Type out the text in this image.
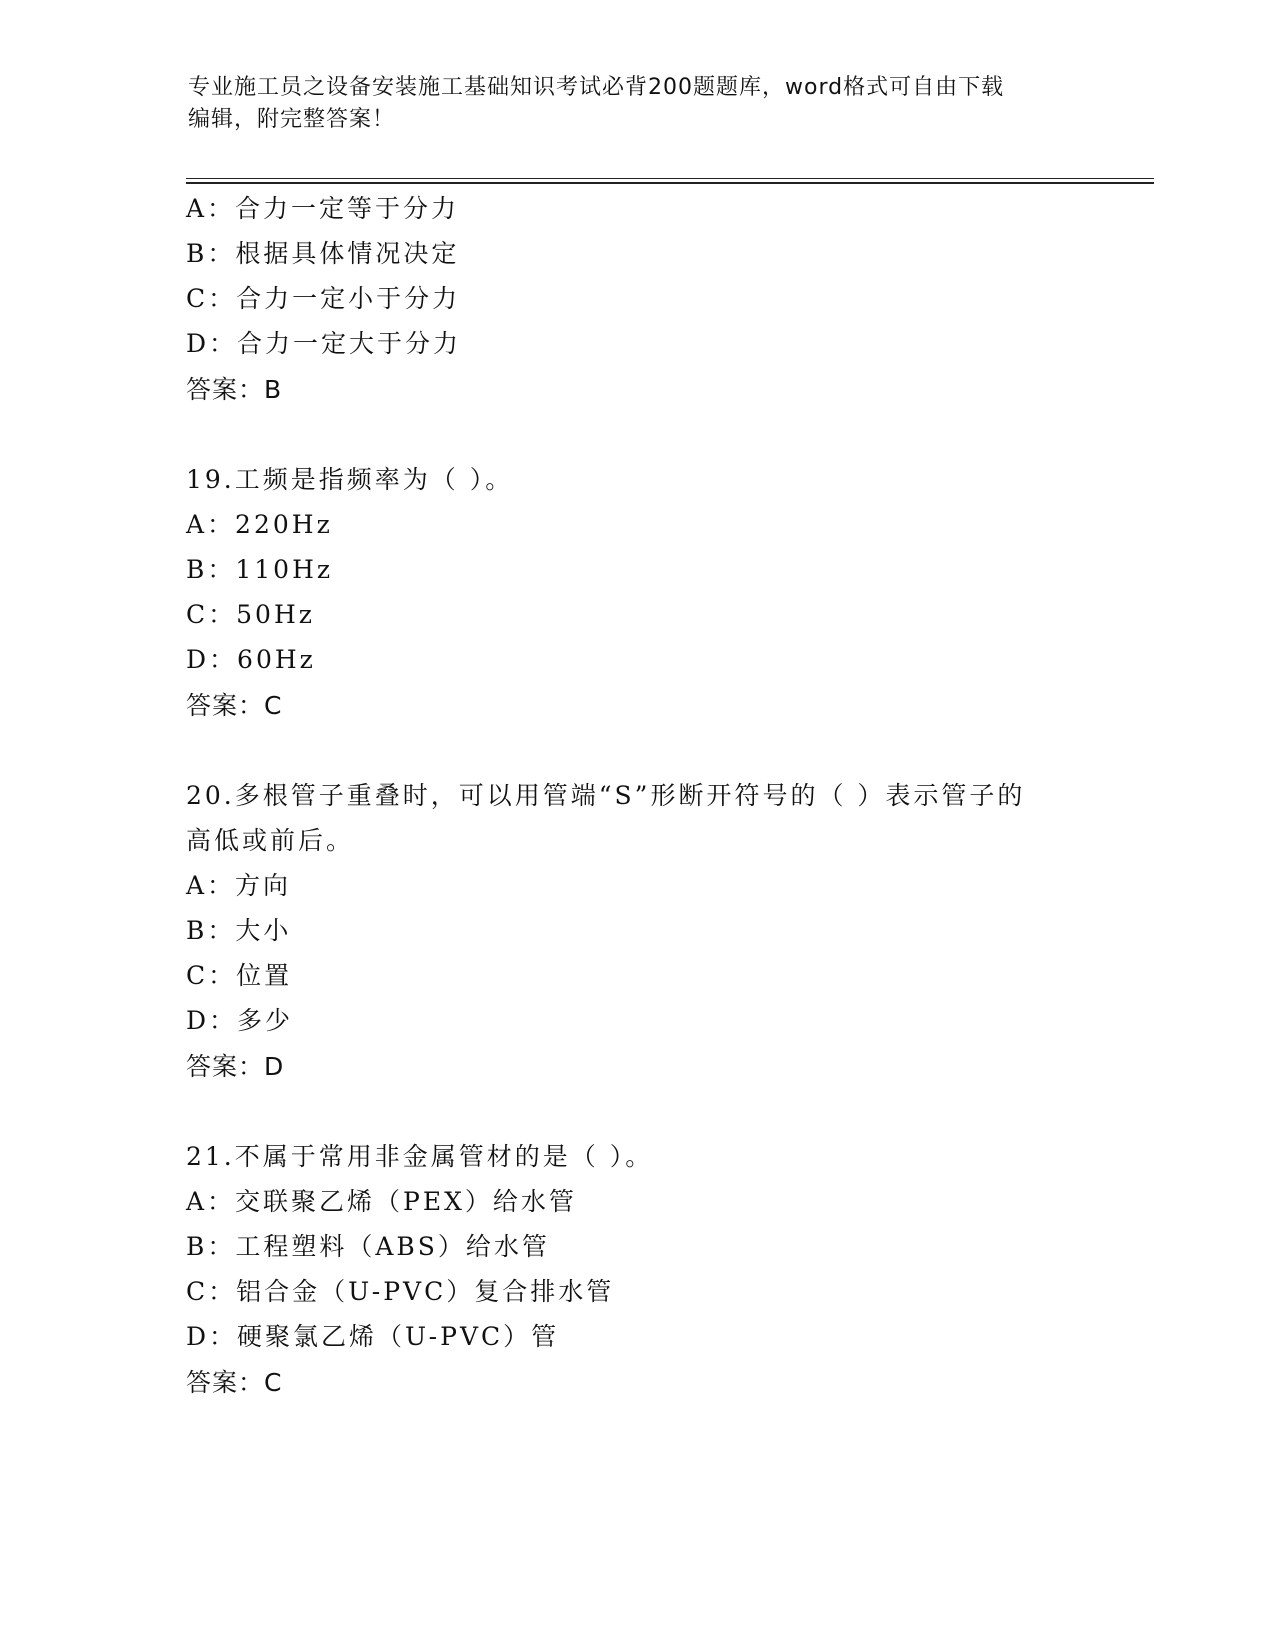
专业施工员之设备安装施工基础知识考试必背200题题库，word格式可自由下载
编辑，附完整答案！
A：合力一定等于分力
B：根据具体情况决定
C：合力一定小于分力
D：合力一定大于分力
答案：B
19.工频是指频率为（ ）。
A：220Hz
B：110Hz
C：50Hz
D：60Hz
答案：C
20.多根管子重叠时，可以用管端“S”形断开符号的（ ）表示管子的
高低或前后。
A：方向
B：大小
C：位置
D：多少
答案：D
21.不属于常用非金属管材的是（ ）。
A：交联聚乙烯（PEX）给水管
B：工程塑料（ABS）给水管
C：铝合金（U-PVC）复合排水管
D：硬聚氯乙烯（U-PVC）管
答案：C
